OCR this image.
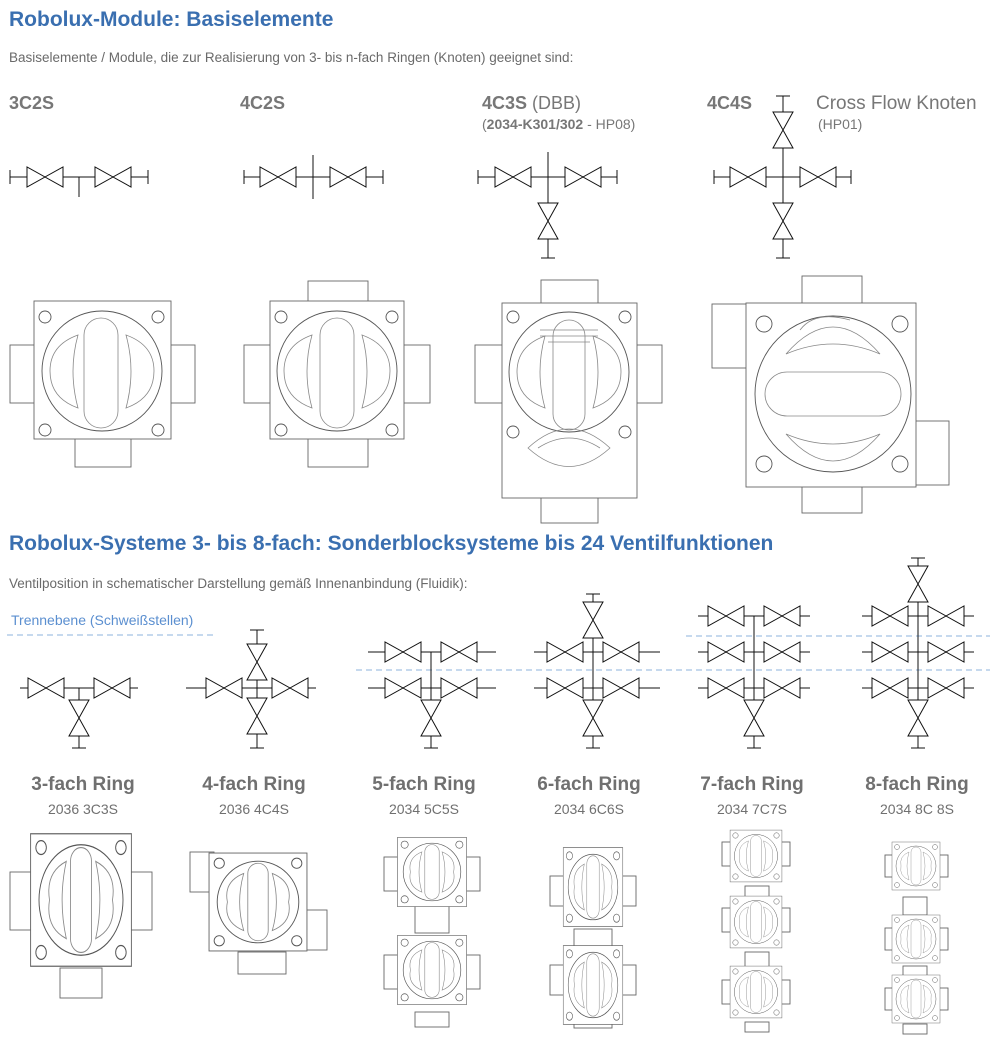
Robolux-Module: Basiselemente
Basiselemente / Module, die zur Realisierung von 3- bis n-fach Ringen (Knoten) geeignet sind:
3C2S	4C2S	4C3S (DBB)
(2034-K301/302 - HP08)
4C4S	Cross Flow Knoten
(HP01)
Robolux-Systeme 3- bis 8-fach: Sonderblocksysteme bis 24 Ventilfunktionen
Ventilposition in schematischer Darstellung gemäß Innenanbindung (Fluidik):
Trennebene (Schweißstellen)
3-fach Ring
2036 3C3S
4-fach Ring
2036 4C4S
5-fach Ring
2034 5C5S
6-fach Ring
2034 6C6S
7-fach Ring
2034 7C7S
8-fach Ring
2034 8C 8S
